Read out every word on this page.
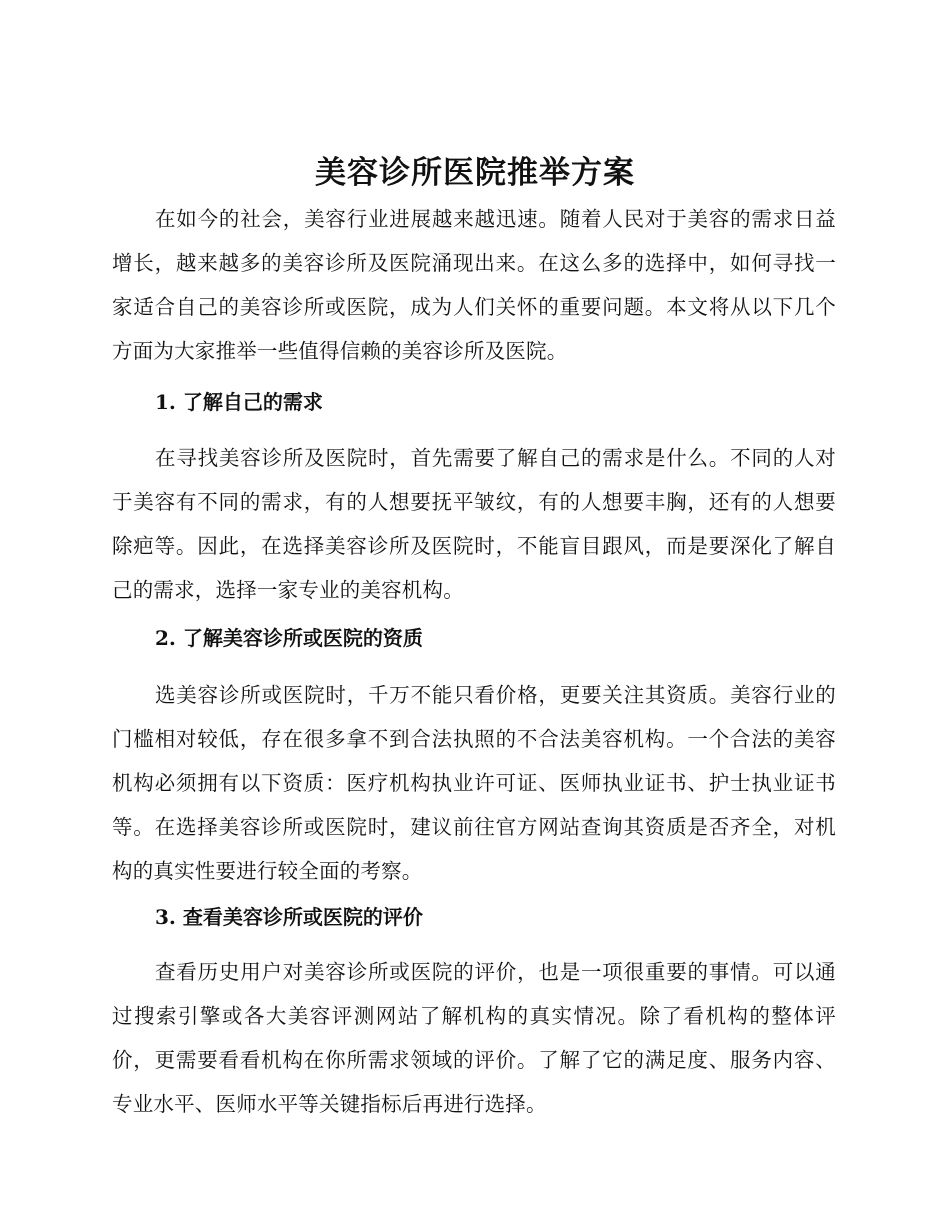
美容诊所医院推举方案

在如今的社会，美容行业进展越来越迅速。随着人民对于美容的需求日益增长，越来越多的美容诊所及医院涌现出来。在这么多的选择中，如何寻找一家适合自己的美容诊所或医院，成为人们关怀的重要问题。本文将从以下几个方面为大家推举一些值得信赖的美容诊所及医院。

1. 了解自己的需求

在寻找美容诊所及医院时，首先需要了解自己的需求是什么。不同的人对于美容有不同的需求，有的人想要抚平皱纹，有的人想要丰胸，还有的人想要除疤等。因此，在选择美容诊所及医院时，不能盲目跟风，而是要深化了解自己的需求，选择一家专业的美容机构。

2. 了解美容诊所或医院的资质

选美容诊所或医院时，千万不能只看价格，更要关注其资质。美容行业的门槛相对较低，存在很多拿不到合法执照的不合法美容机构。一个合法的美容机构必须拥有以下资质：医疗机构执业许可证、医师执业证书、护士执业证书等。在选择美容诊所或医院时，建议前往官方网站查询其资质是否齐全，对机构的真实性要进行较全面的考察。

3. 查看美容诊所或医院的评价

查看历史用户对美容诊所或医院的评价，也是一项很重要的事情。可以通过搜索引擎或各大美容评测网站了解机构的真实情况。除了看机构的整体评价，更需要看看机构在你所需求领域的评价。了解了它的满足度、服务内容、专业水平、医师水平等关键指标后再进行选择。
